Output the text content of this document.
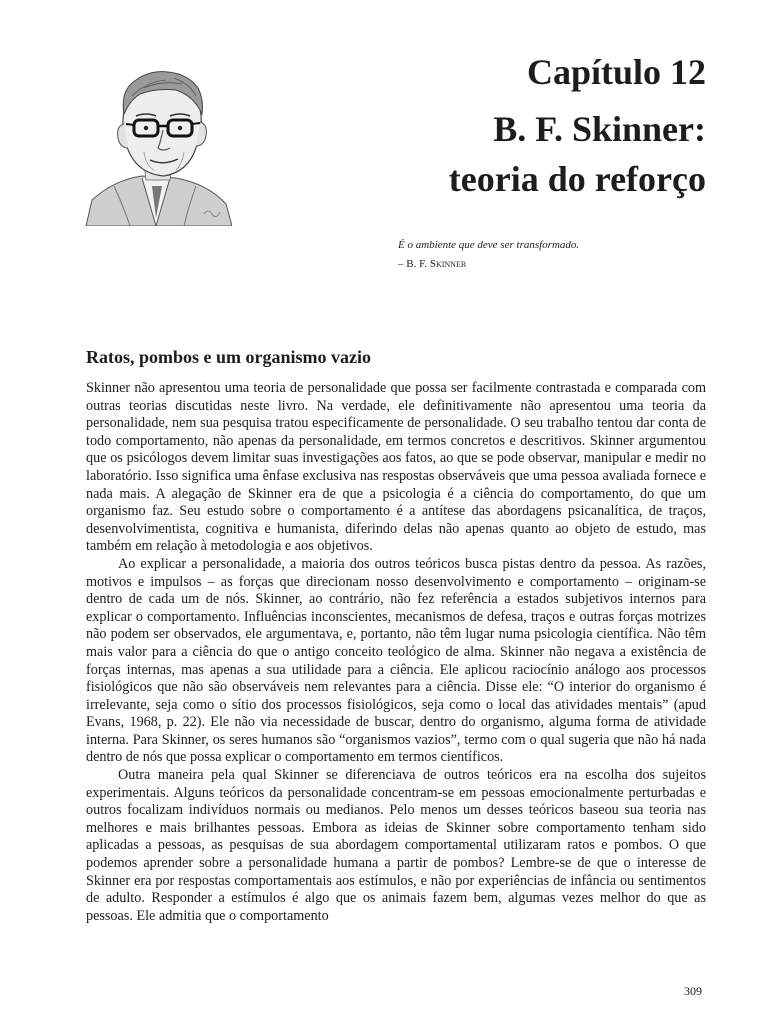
Capítulo 12
B. F. Skinner:
teoria do reforço
É o ambiente que deve ser transformado.
– B. F. Skinner
Ratos, pombos e um organismo vazio

Skinner não apresentou uma teoria de personalidade que possa ser facilmente contrastada e comparada com outras teorias discutidas neste livro. Na verdade, ele definitivamente não apresentou uma teoria da personalidade, nem sua pesquisa tratou especificamente de personalidade. O seu trabalho tentou dar conta de todo comportamento, não apenas da personalidade, em termos concretos e descritivos. Skinner argumentou que os psicólogos devem limitar suas investigações aos fatos, ao que se pode observar, manipular e medir no laboratório. Isso significa uma ênfase exclusiva nas respostas observáveis que uma pessoa avaliada fornece e nada mais. A alegação de Skinner era de que a psicologia é a ciência do comportamento, do que um organismo faz. Seu estudo sobre o comportamento é a antítese das abordagens psicanalítica, de traços, desenvolvimentista, cognitiva e humanista, diferindo delas não apenas quanto ao objeto de estudo, mas também em relação à metodologia e aos objetivos.

Ao explicar a personalidade, a maioria dos outros teóricos busca pistas dentro da pessoa. As razões, motivos e impulsos – as forças que direcionam nosso desenvolvimento e comportamento – originam-se dentro de cada um de nós. Skinner, ao contrário, não fez referência a estados subjetivos internos para explicar o comportamento. Influências inconscientes, mecanismos de defesa, traços e outras forças motrizes não podem ser observados, ele argumentava, e, portanto, não têm lugar numa psicologia científica. Não têm mais valor para a ciência do que o antigo conceito teológico de alma. Skinner não negava a existência de forças internas, mas apenas a sua utilidade para a ciência. Ele aplicou raciocínio análogo aos processos fisiológicos que não são observáveis nem relevantes para a ciência. Disse ele: “O interior do organismo é irrelevante, seja como o sítio dos processos fisiológicos, seja como o local das atividades mentais” (apud Evans, 1968, p. 22). Ele não via necessidade de buscar, dentro do organismo, alguma forma de atividade interna. Para Skinner, os seres humanos são “organismos vazios”, termo com o qual sugeria que não há nada dentro de nós que possa explicar o comportamento em termos científicos.

Outra maneira pela qual Skinner se diferenciava de outros teóricos era na escolha dos sujeitos experimentais. Alguns teóricos da personalidade concentram-se em pessoas emocionalmente perturbadas e outros focalizam indivíduos normais ou medianos. Pelo menos um desses teóricos baseou sua teoria nas melhores e mais brilhantes pessoas. Embora as ideias de Skinner sobre comportamento tenham sido aplicadas a pessoas, as pesquisas de sua abordagem comportamental utilizaram ratos e pombos. O que podemos aprender sobre a personalidade humana a partir de pombos? Lembre-se de que o interesse de Skinner era por respostas comportamentais aos estímulos, e não por experiências de infância ou sentimentos de adulto. Responder a estímulos é algo que os animais fazem bem, algumas vezes melhor do que as pessoas. Ele admitia que o comportamento

309
